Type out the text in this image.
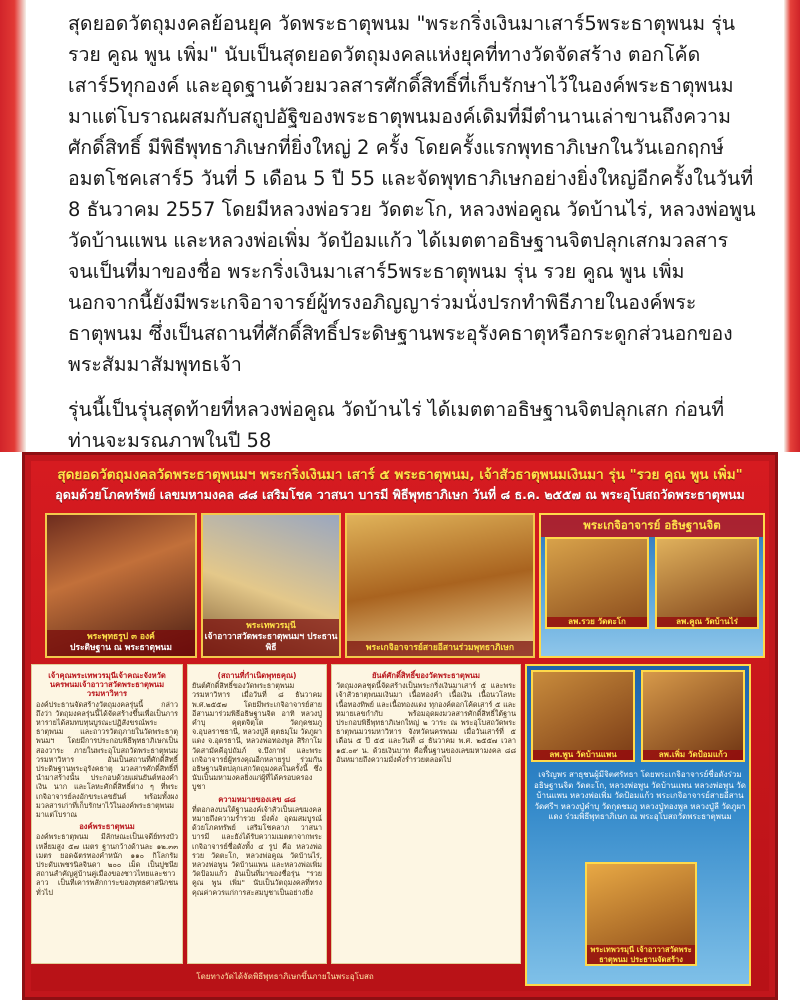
สุดยอดวัตถุมงคลย้อนยุค วัดพระธาตุพนม "พระกริ่งเงินมาเสาร์5พระธาตุพนม รุ่น รวย คูณ พูน เพิ่ม" นับเป็นสุดยอดวัตถุมงคลแห่งยุคที่ทางวัดจัดสร้าง ตอกโค้ดเสาร์5ทุกองค์ และอุดฐานด้วยมวลสารศักดิ์สิทธิ์ที่เก็บรักษาไว้ในองค์พระธาตุพนมมาแต่โบราณผสมกับสถูปอัฐิของพระธาตุพนมองค์เดิมที่มีตำนานเล่าขานถึงความศักดิ์สิทธิ์ มีพิธีพุทธาภิเษกที่ยิ่งใหญ่ 2 ครั้ง โดยครั้งแรกพุทธาภิเษกในวันเอกฤกษ์อมตโชคเสาร์5 วันที่ 5 เดือน 5 ปี 55 และจัดพุทธาภิเษกอย่างยิ่งใหญ่อีกครั้งในวันที่ 8 ธันวาคม 2557 โดยมีหลวงพ่อรวย วัดตะโก, หลวงพ่อคูณ วัดบ้านไร่, หลวงพ่อพูน วัดบ้านแพน และหลวงพ่อเพิ่ม วัดป้อมแก้ว ได้เมตตาอธิษฐานจิตปลุกเสกมวลสาร จนเป็นที่มาของชื่อ พระกริ่งเงินมาเสาร์5พระธาตุพนม รุ่น รวย คูณ พูน เพิ่ม นอกจากนี้ยังมีพระเกจิอาจารย์ผู้ทรงอภิญญาร่วมนั่งปรกทำพิธีภายในองค์พระธาตุพนม ซึ่งเป็นสถานที่ศักดิ์สิทธิ์ประดิษฐานพระอุรังคธาตุหรือกระดูกส่วนอกของพระสัมมาสัมพุทธเจ้า

รุ่นนี้เป็นรุ่นสุดท้ายที่หลวงพ่อคูณ วัดบ้านไร่ ได้เมตตาอธิษฐานจิตปลุกเสก ก่อนที่ท่านจะมรณภาพในปี 58

สุดยอดวัตถุมงคลวัดพระธาตุพนมฯ พระกริ่งเงินมา เสาร์ ๕ พระธาตุพนม, เจ้าสัวธาตุพนมเงินมา รุ่น "รวย คูณ พูน เพิ่ม"
อุดมด้วยโภคทรัพย์ เลขมหามงคล ๘๘ เสริมโชค วาสนา บารมี พิธีพุทธาภิเษก วันที่ ๘ ธ.ค. ๒๕๕๗ ณ พระอุโบสถวัดพระธาตุพนม
พระพุทธรูป ๓ องค์
ประดิษฐาน ณ พระธาตุพนม
พระเทพวรมุนี
เจ้าอาวาสวัดพระธาตุพนมฯ ประธานพิธี	พระเกจิอาจารย์สายอีสานร่วมพุทธาภิเษก
พระเกจิอาจารย์ อธิษฐานจิต
ลพ.รวย วัดตะโก	ลพ.คูณ วัดบ้านไร่
ลพ.พูน วัดบ้านแพน	ลพ.เพิ่ม วัดป้อมแก้ว
เจริญพร สาธุชนผู้มีจิตศรัทธา โดยพระเกจิอาจารย์ชื่อดังร่วมอธิษฐานจิต วัดตะโก, หลวงพ่อพูน วัดบ้านแพน หลวงพ่อพูน วัดบ้านแพน หลวงพ่อเพิ่ม วัดป้อมแก้ว พระเกจิอาจารย์สายอีสาน วัดศรีฯ หลวงปู่คำบุ วัดกุดชมภู หลวงปู่ทองพูล หลวงปู่ลี วัดภูผาแดง ร่วมพิธีพุทธาภิเษก ณ พระอุโบสถวัดพระธาตุพนม
พระเทพวรมุนี เจ้าอาวาสวัดพระธาตุพนม ประธานจัดสร้าง
เจ้าคุณพระเทพวรมุนีเจ้าคณะจังหวัดนครพนมเจ้าอาวาสวัดพระธาตุพนมวรมหาวิหาร
องค์ประธานจัดสร้างวัตถุมงคลรุ่นนี้ กล่าวถึงว่า วัตถุมงคลรุ่นนี้ได้จัดสร้างขึ้นเพื่อเป็นการหารายได้สมทบทุนบูรณะปฏิสังขรณ์พระธาตุพนม และถาวรวัตถุภายในวัดพระธาตุพนมฯ โดยมีการประกอบพิธีพุทธาภิเษกเป็นสองวาระ ภายในพระอุโบสถวัดพระธาตุพนมวรมหาวิหาร อันเป็นสถานที่ศักดิ์สิทธิ์ประดิษฐานพระอุรังคธาตุ มวลสารศักดิ์สิทธิ์ที่นำมาสร้างนั้น ประกอบด้วยแผ่นยันต์ทองคำ เงิน นาก และโลหะศักดิ์สิทธิ์ต่าง ๆ ที่พระเกจิอาจารย์ลงอักขระเลขยันต์ พร้อมทั้งผงมวลสารเก่าที่เก็บรักษาไว้ในองค์พระธาตุพนมมาแต่โบราณ
องค์พระธาตุพนม
องค์พระธาตุพนม มีลักษณะเป็นเจดีย์ทรงบัวเหลี่ยมสูง ๕๗ เมตร ฐานกว้างด้านละ ๑๒.๓๓ เมตร ยอดฉัตรทองคำหนัก ๑๑๐ กิโลกรัม ประดับเพชรนิลจินดา ๒๐๐ เม็ด เป็นปูชนียสถานสำคัญคู่บ้านคู่เมืองของชาวไทยและชาวลาว เป็นที่เคารพสักการะของพุทธศาสนิกชนทั่วไป
(สถานที่กำเนิดพุทธคุณ)
ยันต์ศักดิ์สิทธิ์ของวัดพระธาตุพนมวรมหาวิหาร เมื่อวันที่ ๘ ธันวาคม พ.ศ.๒๕๕๗ โดยมีพระเกจิอาจารย์สายอีสานมาร่วมพิธีอธิษฐานจิต อาทิ หลวงปู่คำบุ คุตฺตจิตฺโต วัดกุดชมภู จ.อุบลราชธานี, หลวงปู่ลี ตฺตธมฺโม วัดภูผาแดง จ.อุดรธานี, หลวงพ่อทองพูล สิริกาโม วัดสามัคคีอุปถัมภ์ จ.บึงกาฬ และพระเกจิอาจารย์ผู้ทรงคุณอีกหลายรูป ร่วมกันอธิษฐานจิตปลุกเสกวัตถุมงคลในครั้งนี้ ซึ่งนับเป็นมหามงคลยิ่งแก่ผู้ที่ได้ครอบครองบูชา
ความหมายของเลข ๘๘
ที่ตอกลงบนใต้ฐานองค์เจ้าสัวเป็นเลขมงคล หมายถึงความร่ำรวย มั่งคั่ง อุดมสมบูรณ์ด้วยโภคทรัพย์ เสริมโชคลาภ วาสนา บารมี และยังได้รับความเมตตาจากพระเกจิอาจารย์ชื่อดังทั้ง ๔ รูป คือ หลวงพ่อรวย วัดตะโก, หลวงพ่อคูณ วัดบ้านไร่, หลวงพ่อพูน วัดบ้านแพน และหลวงพ่อเพิ่ม วัดป้อมแก้ว อันเป็นที่มาของชื่อรุ่น "รวย คูณ พูน เพิ่ม" นับเป็นวัตถุมงคลที่ทรงคุณค่าควรแก่การสะสมบูชาเป็นอย่างยิ่ง
ยันต์ศักดิ์สิทธิ์ของวัดพระธาตุพนม
วัตถุมงคลชุดนี้จัดสร้างเป็นพระกริ่งเงินมาเสาร์ ๕ และพระเจ้าสัวธาตุพนมเงินมา เนื้อทองคำ เนื้อเงิน เนื้อนวโลหะ เนื้อทองทิพย์ และเนื้อทองแดง ทุกองค์ตอกโค้ดเสาร์ ๕ และหมายเลขกำกับ พร้อมอุดผงมวลสารศักดิ์สิทธิ์ใต้ฐาน ประกอบพิธีพุทธาภิเษกใหญ่ ๒ วาระ ณ พระอุโบสถวัดพระธาตุพนมวรมหาวิหาร จังหวัดนครพนม เมื่อวันเสาร์ที่ ๕ เดือน ๕ ปี ๕๕ และวันที่ ๘ ธันวาคม พ.ศ. ๒๕๕๗ เวลา ๑๕.๐๙ น. ด้วยเงินบาท คือพื้นฐานของเลขมหามงคล ๘๘ อันหมายถึงความมั่งคั่งร่ำรวยตลอดไป
โดยทางวัดได้จัดพิธีพุทธาภิเษกขึ้นภายในพระอุโบสถ
